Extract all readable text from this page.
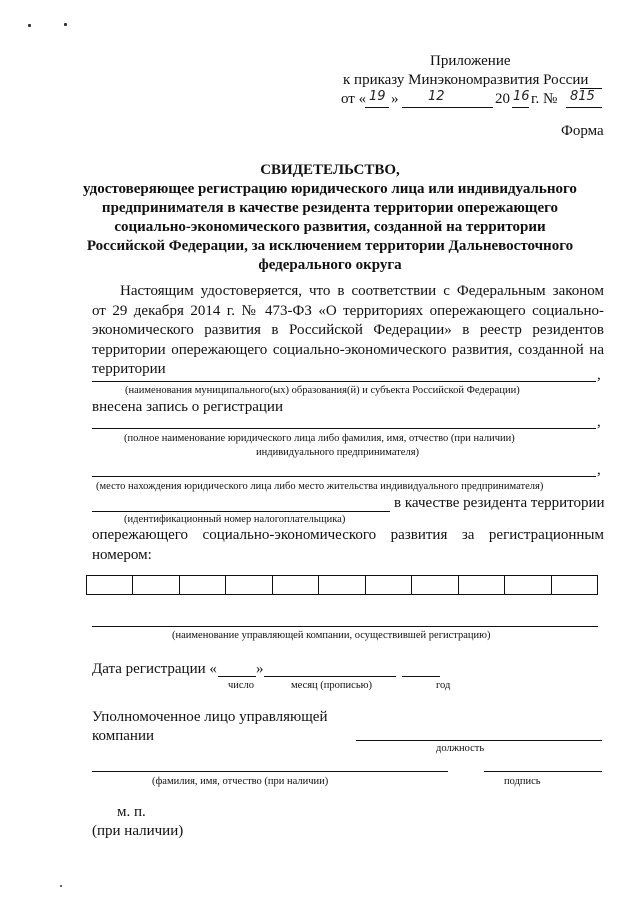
Приложение
к приказу Минэкономразвития России
от « 19 » 12	20 16 г. № 815
Форма
СВИДЕТЕЛЬСТВО,
удостоверяющее регистрацию юридического лица или индивидуального
предпринимателя в качестве резидента территории опережающего
социально-экономического развития, созданной на территории
Российской Федерации, за исключением территории Дальневосточного
федерального округа
Настоящим удостоверяется, что в соответствии с Федеральным законом
от 29 декабря 2014 г. № 473-ФЗ «О территориях опережающего социально-
экономического развития в Российской Федерации» в реестр резидентов
территории опережающего социально-экономического развития, созданной на
территории	,
(наименования муниципального(ых) образования(й) и субъекта Российской Федерации)
внесена запись о регистрации
,
(полное наименование юридического лица либо фамилия, имя, отчество (при наличии)
индивидуального предпринимателя)
,
(место нахождения юридического лица либо место жительства индивидуального предпринимателя)
в качестве резидента территории
(идентификационный номер налогоплательщика)
опережающего социально-экономического развития за регистрационным
номером:
(наименование управляющей компании, осуществившей регистрацию)
Дата регистрации «	»
число	месяц (прописью)	год
Уполномоченное лицо управляющей
компании
должность
(фамилия, имя, отчество (при наличии)	подпись
м. п.
(при наличии)
